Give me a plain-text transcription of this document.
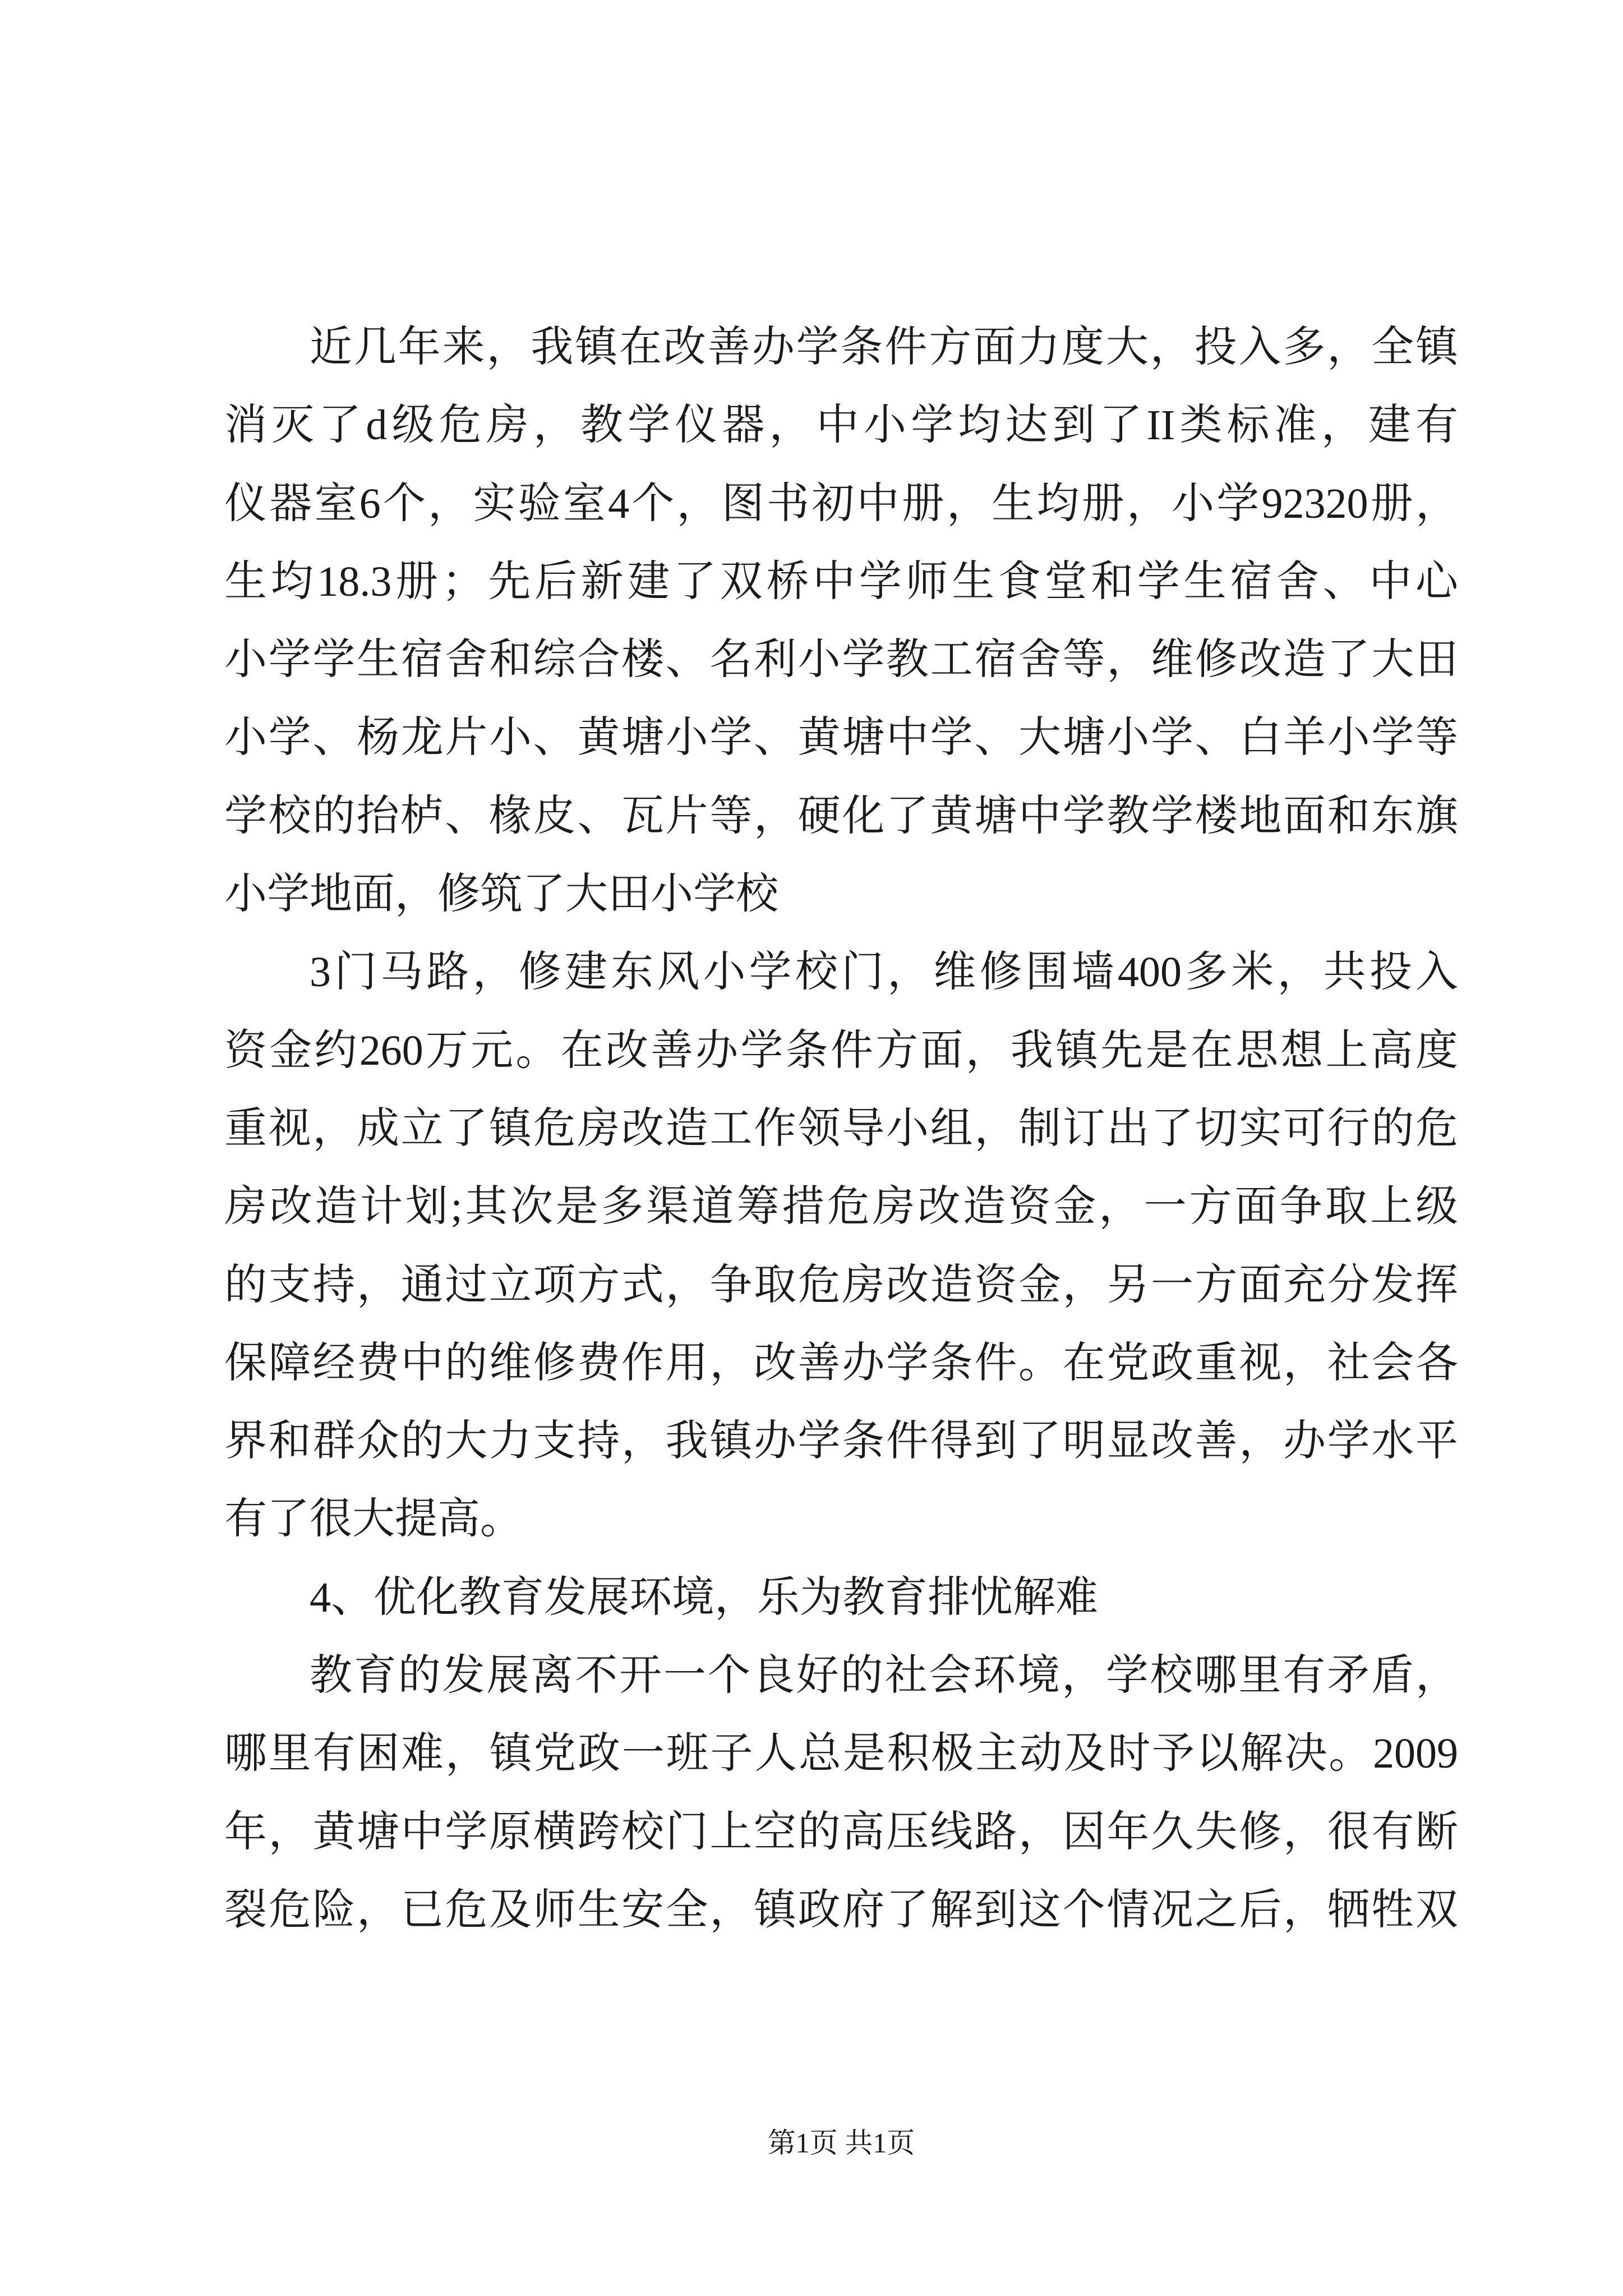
近几年来，我镇在改善办学条件方面力度大，投入多，全镇
消灭了d级危房，教学仪器，中小学均达到了II类标准，建有
仪器室6个，实验室4个，图书初中册，生均册，小学92320册，
生均18.3册；先后新建了双桥中学师生食堂和学生宿舍、中心
小学学生宿舍和综合楼、名利小学教工宿舍等，维修改造了大田
小学、杨龙片小、黄塘小学、黄塘中学、大塘小学、白羊小学等
学校的抬栌、椽皮、瓦片等，硬化了黄塘中学教学楼地面和东旗
小学地面，修筑了大田小学校
3门马路，修建东风小学校门，维修围墙400多米，共投入
资金约260万元。在改善办学条件方面，我镇先是在思想上高度
重视，成立了镇危房改造工作领导小组，制订出了切实可行的危
房改造计划;其次是多渠道筹措危房改造资金，一方面争取上级
的支持，通过立项方式，争取危房改造资金，另一方面充分发挥
保障经费中的维修费作用，改善办学条件。在党政重视，社会各
界和群众的大力支持，我镇办学条件得到了明显改善，办学水平
有了很大提高。
4、优化教育发展环境，乐为教育排忧解难
教育的发展离不开一个良好的社会环境，学校哪里有矛盾，
哪里有困难，镇党政一班子人总是积极主动及时予以解决。2009
年，黄塘中学原横跨校门上空的高压线路，因年久失修，很有断
裂危险，已危及师生安全，镇政府了解到这个情况之后，牺牲双
第1页 共1页
